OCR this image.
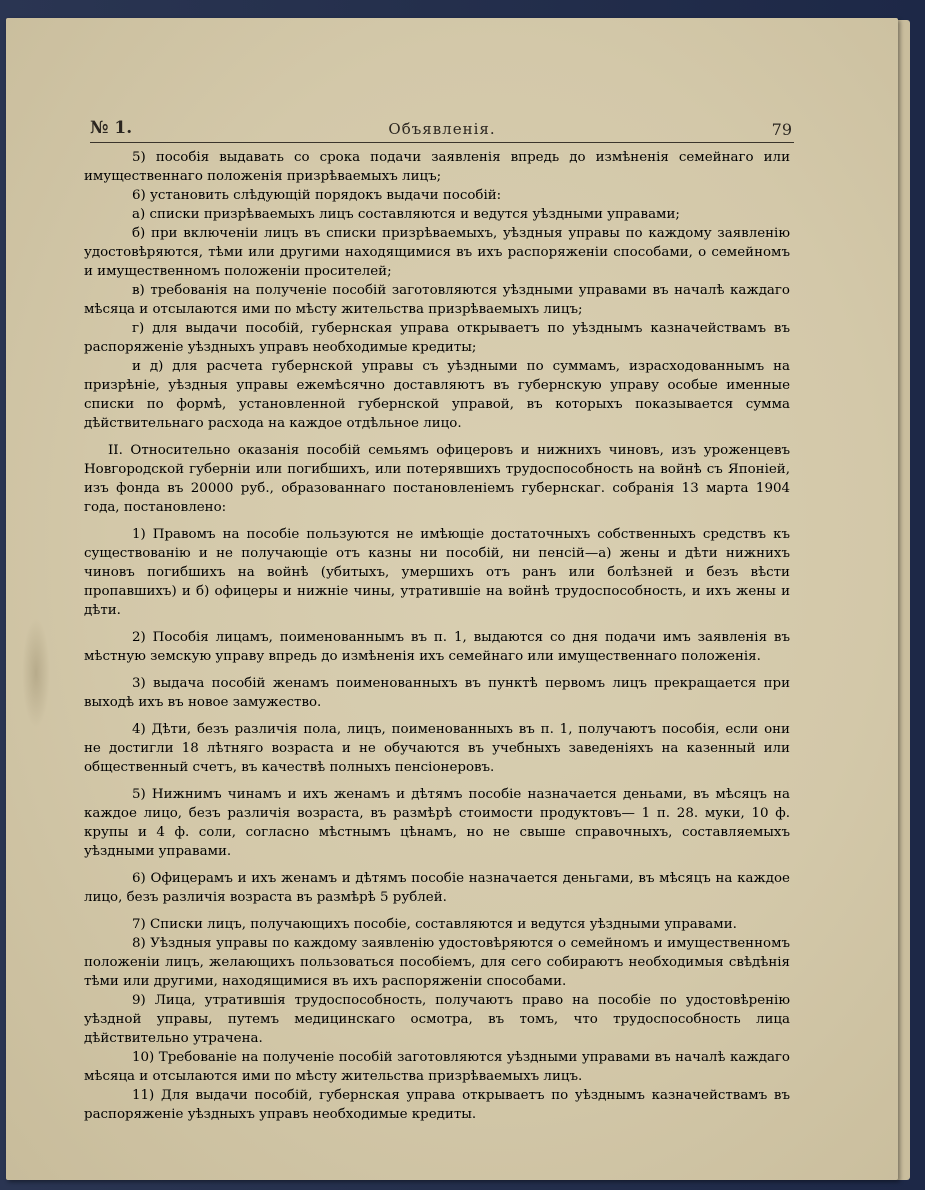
№ 1.	Объявленія.	79

5) пособія выдавать со срока подачи заявленія впредь до измѣненія семейнаго или имущественнаго положенія призрѣваемыхъ лицъ;

6) установить слѣдующій порядокъ выдачи пособій:

а) списки призрѣваемыхъ лицъ составляются и ведутся уѣздными управами;

б) при включеніи лицъ въ списки призрѣваемыхъ, уѣздныя управы по каждому заявленію удостовѣряются, тѣми или другими находящимися въ ихъ распоряженіи способами, о семейномъ и имущественномъ положеніи просителей;

в) требованія на полученіе пособій заготовляются уѣздными управами въ началѣ каждаго мѣсяца и отсылаются ими по мѣсту жительства призрѣваемыхъ лицъ;

г) для выдачи пособій, губернская управа открываетъ по уѣзднымъ казначействамъ въ распоряженіе уѣздныхъ управъ необходимые кредиты;

и д) для расчета губернской управы съ уѣздными по суммамъ, израсходованнымъ на призрѣніе, уѣздныя управы ежемѣсячно доставляютъ въ губернскую управу особые именные списки по формѣ, установленной губернской управой, въ которыхъ показывается сумма дѣйствительнаго расхода на каждое отдѣльное лицо.

II. Относительно оказанія пособій семьямъ офицеровъ и нижнихъ чиновъ, изъ уроженцевъ Новгородской губерніи или погибшихъ, или потерявшихъ трудоспособность на войнѣ съ Японіей, изъ фонда въ 20000 руб., образованнаго постановленіемъ губернскаг. собранія 13 марта 1904 года, постановлено:

1) Правомъ на пособіе пользуются не имѣющіе достаточныхъ собственныхъ средствъ къ существованію и не получающіе отъ казны ни пособій, ни пенсій—а) жены и дѣти нижнихъ чиновъ погибшихъ на войнѣ (убитыхъ, умершихъ отъ ранъ или болѣзней и безъ вѣсти пропавшихъ) и б) офицеры и нижніе чины, утратившіе на войнѣ трудоспособность, и ихъ жены и дѣти.

2) Пособія лицамъ, поименованнымъ въ п. 1, выдаются со дня подачи имъ заявленія въ мѣстную земскую управу впредь до измѣненія ихъ семейнаго или имущественнаго положенія.

3) выдача пособій женамъ поименованныхъ въ пунктѣ первомъ лицъ прекращается при выходѣ ихъ въ новое замужество.

4) Дѣти, безъ различія пола, лицъ, поименованныхъ въ п. 1, получаютъ пособія, если они не достигли 18 лѣтняго возраста и не обучаются въ учебныхъ заведеніяхъ на казенный или общественный счетъ, въ качествѣ полныхъ пенсіонеровъ.

5) Нижнимъ чинамъ и ихъ женамъ и дѣтямъ пособіе назначается деньами, въ мѣсяцъ на каждое лицо, безъ различія возраста, въ размѣрѣ стоимости продуктовъ— 1 п. 28. муки, 10 ф. крупы и 4 ф. соли, согласно мѣстнымъ цѣнамъ, но не свыше справочныхъ, составляемыхъ уѣздными управами.

6) Офицерамъ и ихъ женамъ и дѣтямъ пособіе назначается деньгами, въ мѣсяцъ на каждое лицо, безъ различія возраста въ размѣрѣ 5 рублей.

7) Списки лицъ, получающихъ пособіе, составляются и ведутся уѣздными управами.

8) Уѣздныя управы по каждому заявленію удостовѣряются о семейномъ и имущественномъ положеніи лицъ, желающихъ пользоваться пособіемъ, для сего собираютъ необходимыя свѣдѣнія тѣми или другими, находящимися въ ихъ распоряженіи способами.

9) Лица, утратившія трудоспособность, получаютъ право на пособіе по удостовѣренію уѣздной управы, путемъ медицинскаго осмотра, въ томъ, что трудоспособность лица дѣйствительно утрачена.

10) Требованіе на полученіе пособій заготовляются уѣздными управами въ началѣ каждаго мѣсяца и отсылаются ими по мѣсту жительства призрѣваемыхъ лицъ.

11) Для выдачи пособій, губернская управа открываетъ по уѣзднымъ казначействамъ въ распоряженіе уѣздныхъ управъ необходимые кредиты.
